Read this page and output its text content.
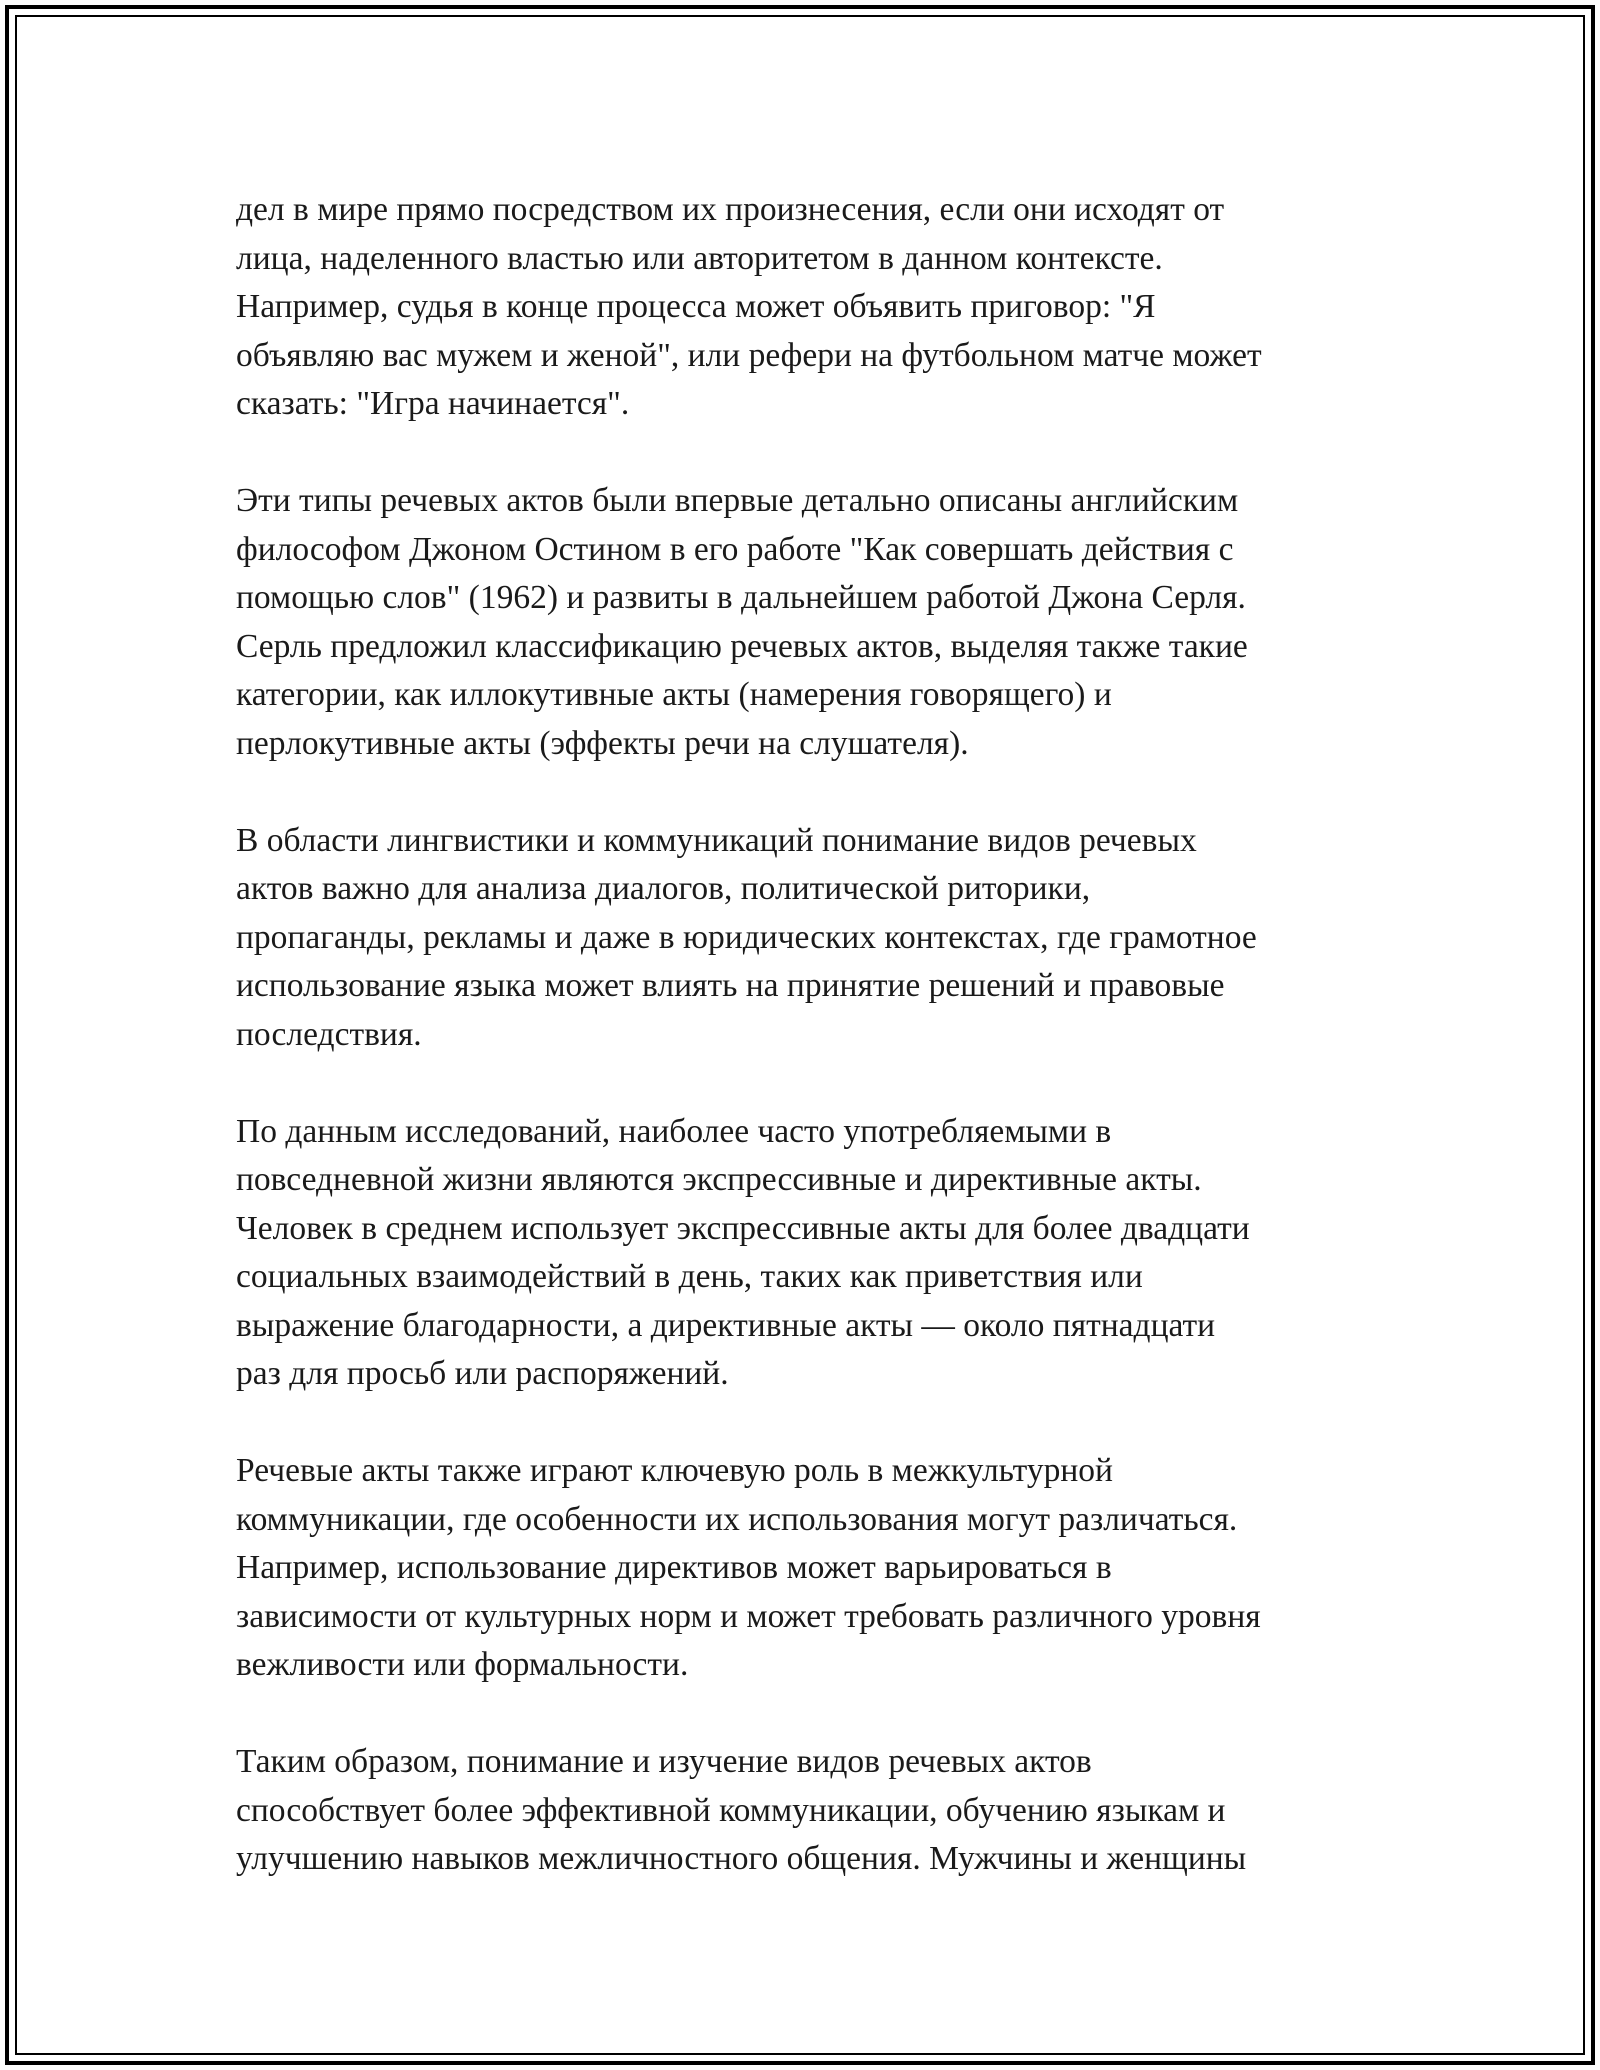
дел в мире прямо посредством их произнесения, если они исходят от
лица, наделенного властью или авторитетом в данном контексте.
Например, судья в конце процесса может объявить приговор: "Я
объявляю вас мужем и женой", или рефери на футбольном матче может
сказать: "Игра начинается".

Эти типы речевых актов были впервые детально описаны английским
философом Джоном Остином в его работе "Как совершать действия с
помощью слов" (1962) и развиты в дальнейшем работой Джона Серля.
Серль предложил классификацию речевых актов, выделяя также такие
категории, как иллокутивные акты (намерения говорящего) и
перлокутивные акты (эффекты речи на слушателя).

В области лингвистики и коммуникаций понимание видов речевых
актов важно для анализа диалогов, политической риторики,
пропаганды, рекламы и даже в юридических контекстах, где грамотное
использование языка может влиять на принятие решений и правовые
последствия.

По данным исследований, наиболее часто употребляемыми в
повседневной жизни являются экспрессивные и директивные акты.
Человек в среднем использует экспрессивные акты для более двадцати
социальных взаимодействий в день, таких как приветствия или
выражение благодарности, а директивные акты — около пятнадцати
раз для просьб или распоряжений.

Речевые акты также играют ключевую роль в межкультурной
коммуникации, где особенности их использования могут различаться.
Например, использование директивов может варьироваться в
зависимости от культурных норм и может требовать различного уровня
вежливости или формальности.

Таким образом, понимание и изучение видов речевых актов
способствует более эффективной коммуникации, обучению языкам и
улучшению навыков межличностного общения. Мужчины и женщины
